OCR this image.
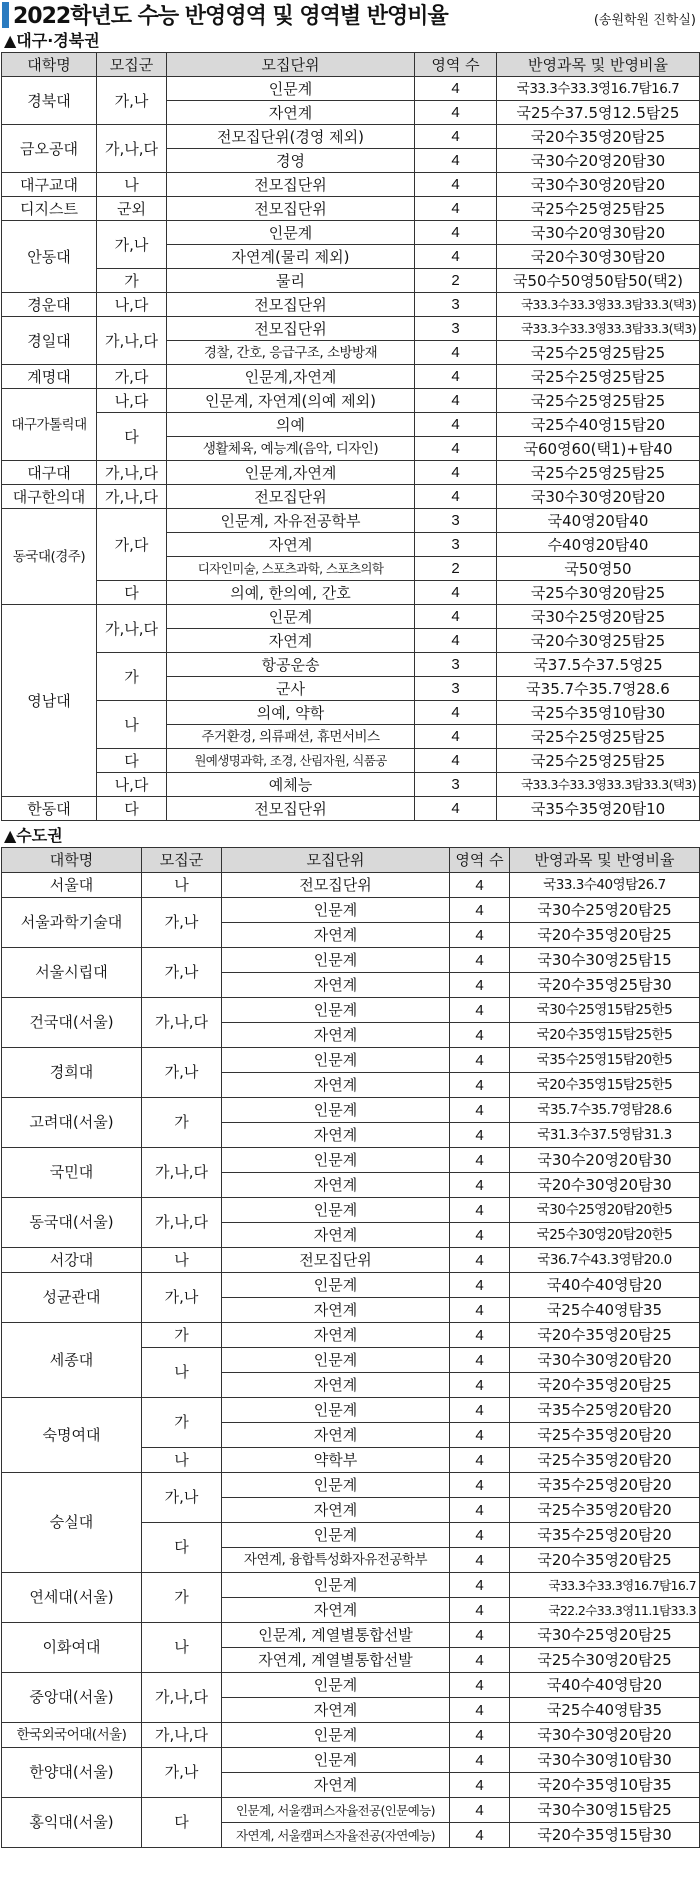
2022학년도 수능 반영영역 및 영역별 반영비율	(송원학원 진학실)
▲대구·경북권
대학명	모집군	모집단위	영역 수	반영과목 및 반영비율
경북대	가,나	인문계	4	국33.3수33.3영16.7탐16.7
		자연계	4	국25수37.5영12.5탐25
금오공대	가,나,다	전모집단위(경영 제외)	4	국20수35영20탐25
		경영	4	국30수20영20탐30
대구교대	나	전모집단위	4	국30수30영20탐20
디지스트	군외	전모집단위	4	국25수25영25탐25
안동대	가,나	인문계	4	국30수20영30탐20
		자연계(물리 제외)	4	국20수30영30탐20
	가	물리	2	국50수50영50탐50(택2)
경운대	나,다	전모집단위	3	국33.3수33.3영33.3탐33.3(택3)
경일대	가,나,다	전모집단위	3	국33.3수33.3영33.3탐33.3(택3)
		경찰, 간호, 응급구조, 소방방재	4	국25수25영25탐25
계명대	가,다	인문계,자연계	4	국25수25영25탐25
대구가톨릭대	나,다	인문계, 자연계(의예 제외)	4	국25수25영25탐25
	다	의예	4	국25수40영15탐20
		생활체육, 예능계(음악, 디자인)	4	국60영60(택1)+탐40
대구대	가,나,다	인문계,자연계	4	국25수25영25탐25
대구한의대	가,나,다	전모집단위	4	국30수30영20탐20
동국대(경주)	가,다	인문계, 자유전공학부	3	국40영20탐40
		자연계	3	수40영20탐40
		디자인미술, 스포츠과학, 스포츠의학	2	국50영50
	다	의예, 한의예, 간호	4	국25수30영20탐25
영남대	가,나,다	인문계	4	국30수25영20탐25
		자연계	4	국20수30영25탐25
	가	항공운송	3	국37.5수37.5영25
		군사	3	국35.7수35.7영28.6
	나	의예, 약학	4	국25수35영10탐30
		주거환경, 의류패션, 휴먼서비스	4	국25수25영25탐25
	다	원예생명과학, 조경, 산림자원, 식품공	4	국25수25영25탐25
	나,다	예체능	3	국33.3수33.3영33.3탐33.3(택3)
한동대	다	전모집단위	4	국35수35영20탐10
▲수도권
대학명	모집군	모집단위	영역 수	반영과목 및 반영비율
서울대	나	전모집단위	4	국33.3수40영탐26.7
서울과학기술대	가,나	인문계	4	국30수25영20탐25
		자연계	4	국20수35영20탐25
서울시립대	가,나	인문계	4	국30수30영25탐15
		자연계	4	국20수35영25탐30
건국대(서울)	가,나,다	인문계	4	국30수25영15탐25한5
		자연계	4	국20수35영15탐25한5
경희대	가,나	인문계	4	국35수25영15탐20한5
		자연계	4	국20수35영15탐25한5
고려대(서울)	가	인문계	4	국35.7수35.7영탐28.6
		자연계	4	국31.3수37.5영탐31.3
국민대	가,나,다	인문계	4	국30수20영20탐30
		자연계	4	국20수30영20탐30
동국대(서울)	가,나,다	인문계	4	국30수25영20탐20한5
		자연계	4	국25수30영20탐20한5
서강대	나	전모집단위	4	국36.7수43.3영탐20.0
성균관대	가,나	인문계	4	국40수40영탐20
		자연계	4	국25수40영탐35
세종대	가	자연계	4	국20수35영20탐25
	나	인문계	4	국30수30영20탐20
		자연계	4	국20수35영20탐25
숙명여대	가	인문계	4	국35수25영20탐20
		자연계	4	국25수35영20탐20
	나	약학부	4	국25수35영20탐20
숭실대	가,나	인문계	4	국35수25영20탐20
		자연계	4	국25수35영20탐20
	다	인문계	4	국35수25영20탐20
		자연계, 융합특성화자유전공학부	4	국20수35영20탐25
연세대(서울)	가	인문계	4	국33.3수33.3영16.7탐16.7
		자연계	4	국22.2수33.3영11.1탐33.3
이화여대	나	인문계, 계열별통합선발	4	국30수25영20탐25
		자연계, 계열별통합선발	4	국25수30영20탐25
중앙대(서울)	가,나,다	인문계	4	국40수40영탐20
		자연계	4	국25수40영탐35
한국외국어대(서울)	가,나,다	인문계	4	국30수30영20탐20
한양대(서울)	가,나	인문계	4	국30수30영10탐30
		자연계	4	국20수35영10탐35
홍익대(서울)	다	인문계, 서울캠퍼스자율전공(인문예능)	4	국30수30영15탐25
		자연계, 서울캠퍼스자율전공(자연예능)	4	국20수35영15탐30
